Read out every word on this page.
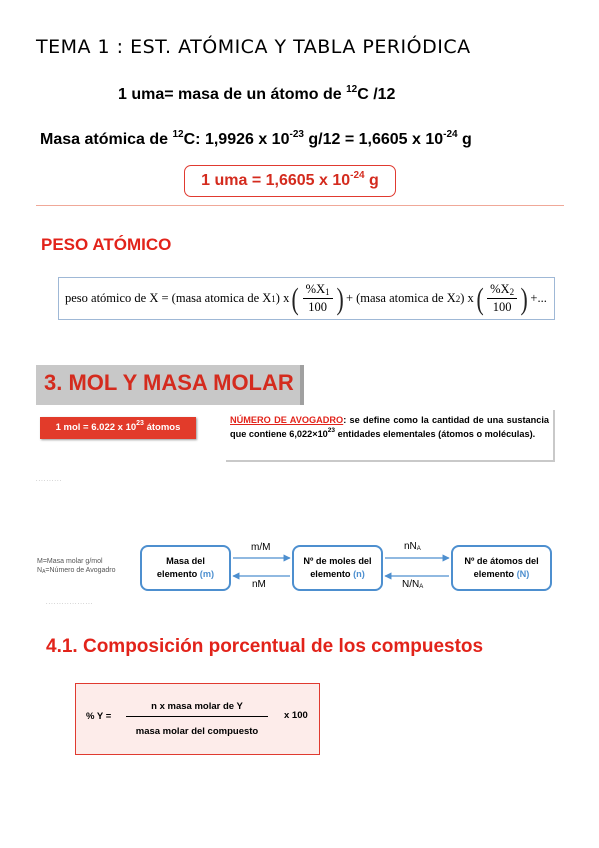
TEMA 1 : EST. ATÓMICA Y TABLA PERIÓDICA
1 uma= masa de un átomo de $^{12}$C /12
Masa atómica de $^{12}$C: 1,9926 x $10^{-23}$ g/12 = 1,6605 x $10^{-24}$ g
1 uma = 1,6605 x $10^{-24}$ g
PESO ATÓMICO
peso atómico de X = (masa atomica de X 1 ) x ( $\frac{\%X1}{100}$ ) + (masa atomica de X 2 ) x ( $\frac{\%X2}{100}$ ) +...
3. MOL Y MASA MOLAR
1 mol = 6.022 x $10^{23}$ átomos
NÚMERO DE AVOGADRO: se define como la cantidad de una sustancia que contiene $6,022\times 10^{23}$ entidades elementales (átomos o moléculas).
ꞏ ꞏ ꞏ ꞏ ꞏ ꞏ ꞏ ꞏ ꞏ ꞏ
M=Masa molar g/mol
NA=Número de Avogadro
Masa del
elemento (m)
Nº de moles del
elemento (n)
Nº de átomos del
elemento (N)
m/M
nM
nNA
N/NA
ꞏ ꞏ ꞏ ꞏ ꞏ ꞏ ꞏ ꞏ ꞏ ꞏ ꞏ ꞏ ꞏ ꞏ ꞏ ꞏ ꞏ ꞏ
4.1. Composición porcentual de los compuestos
% Y =
n x masa molar de Y
masa molar del compuesto
x 100
